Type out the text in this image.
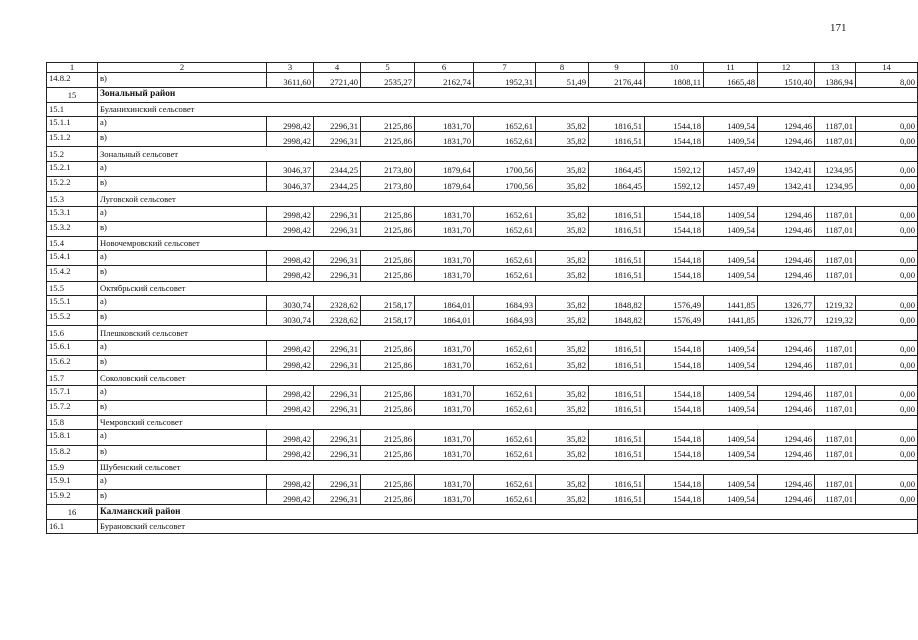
171
1	2	3	4	5	6	7	8	9	10	11	12	13	14
14.8.2	в)	3611,60	2721,40	2535,27	2162,74	1952,31	51,49	2176,44	1808,11	1665,48	1510,40	1386,94	8,00
15	Зональный район												
15.1	Буланихинский сельсовет												
15.1.1	а)	2998,42	2296,31	2125,86	1831,70	1652,61	35,82	1816,51	1544,18	1409,54	1294,46	1187,01	0,00
15.1.2	в)	2998,42	2296,31	2125,86	1831,70	1652,61	35,82	1816,51	1544,18	1409,54	1294,46	1187,01	0,00
15.2	Зональный сельсовет												
15.2.1	а)	3046,37	2344,25	2173,80	1879,64	1700,56	35,82	1864,45	1592,12	1457,49	1342,41	1234,95	0,00
15.2.2	в)	3046,37	2344,25	2173,80	1879,64	1700,56	35,82	1864,45	1592,12	1457,49	1342,41	1234,95	0,00
15.3	Луговской сельсовет												
15.3.1	а)	2998,42	2296,31	2125,86	1831,70	1652,61	35,82	1816,51	1544,18	1409,54	1294,46	1187,01	0,00
15.3.2	в)	2998,42	2296,31	2125,86	1831,70	1652,61	35,82	1816,51	1544,18	1409,54	1294,46	1187,01	0,00
15.4	Новочемровский сельсовет												
15.4.1	а)	2998,42	2296,31	2125,86	1831,70	1652,61	35,82	1816,51	1544,18	1409,54	1294,46	1187,01	0,00
15.4.2	в)	2998,42	2296,31	2125,86	1831,70	1652,61	35,82	1816,51	1544,18	1409,54	1294,46	1187,01	0,00
15.5	Октябрьский сельсовет												
15.5.1	а)	3030,74	2328,62	2158,17	1864,01	1684,93	35,82	1848,82	1576,49	1441,85	1326,77	1219,32	0,00
15.5.2	в)	3030,74	2328,62	2158,17	1864,01	1684,93	35,82	1848,82	1576,49	1441,85	1326,77	1219,32	0,00
15.6	Плешковский сельсовет												
15.6.1	а)	2998,42	2296,31	2125,86	1831,70	1652,61	35,82	1816,51	1544,18	1409,54	1294,46	1187,01	0,00
15.6.2	в)	2998,42	2296,31	2125,86	1831,70	1652,61	35,82	1816,51	1544,18	1409,54	1294,46	1187,01	0,00
15.7	Соколовский сельсовет												
15.7.1	а)	2998,42	2296,31	2125,86	1831,70	1652,61	35,82	1816,51	1544,18	1409,54	1294,46	1187,01	0,00
15.7.2	в)	2998,42	2296,31	2125,86	1831,70	1652,61	35,82	1816,51	1544,18	1409,54	1294,46	1187,01	0,00
15.8	Чемровский сельсовет												
15.8.1	а)	2998,42	2296,31	2125,86	1831,70	1652,61	35,82	1816,51	1544,18	1409,54	1294,46	1187,01	0,00
15.8.2	в)	2998,42	2296,31	2125,86	1831,70	1652,61	35,82	1816,51	1544,18	1409,54	1294,46	1187,01	0,00
15.9	Шубенский сельсовет												
15.9.1	а)	2998,42	2296,31	2125,86	1831,70	1652,61	35,82	1816,51	1544,18	1409,54	1294,46	1187,01	0,00
15.9.2	в)	2998,42	2296,31	2125,86	1831,70	1652,61	35,82	1816,51	1544,18	1409,54	1294,46	1187,01	0,00
16	Калманский район												
16.1	Бурановский сельсовет												
